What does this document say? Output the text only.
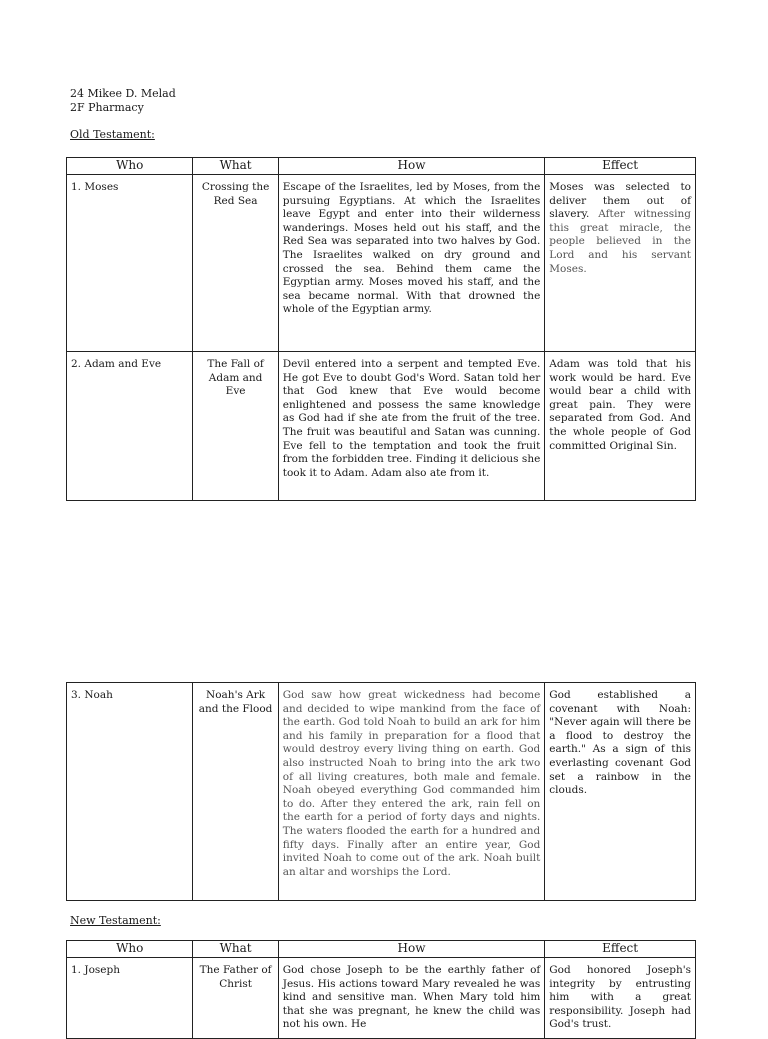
24 Mikee D. Melad
2F Pharmacy
Old Testament:
Who	What	How	Effect
1. Moses	Crossing the Red Sea	Escape of the Israelites, led by Moses, from the pursuing Egyptians. At which the Israelites leave Egypt and enter into their wilderness wanderings. Moses held out his staff, and the Red Sea was separated into two halves by God. The Israelites walked on dry ground and crossed the sea. Behind them came the Egyptian army. Moses moved his staff, and the sea became normal. With that drowned the whole of the Egyptian army.	Moses was selected to deliver them out of slavery. After witnessing this great miracle, the people believed in the Lord and his servant Moses.
2. Adam and Eve	The Fall of Adam and Eve	Devil entered into a serpent and tempted Eve. He got Eve to doubt God's Word. Satan told her that God knew that Eve would become enlightened and possess the same knowledge as God had if she ate from the fruit of the tree. The fruit was beautiful and Satan was cunning. Eve fell to the temptation and took the fruit from the forbidden tree. Finding it delicious she took it to Adam. Adam also ate from it.	Adam was told that his work would be hard. Eve would bear a child with great pain. They were separated from God. And the whole people of God committed Original Sin.
3. Noah	Noah's Ark and the Flood	God saw how great wickedness had become and decided to wipe mankind from the face of the earth. God told Noah to build an ark for him and his family in preparation for a flood that would destroy every living thing on earth. God also instructed Noah to bring into the ark two of all living creatures, both male and female. Noah obeyed everything God commanded him to do. After they entered the ark, rain fell on the earth for a period of forty days and nights. The waters flooded the earth for a hundred and fifty days. Finally after an entire year, God invited Noah to come out of the ark. Noah built an altar and worships the Lord.	God established a covenant with Noah: "Never again will there be a flood to destroy the earth." As a sign of this everlasting covenant God set a rainbow in the clouds.
New Testament:
Who	What	How	Effect
1. Joseph	The Father of Christ	God chose Joseph to be the earthly father of Jesus. His actions toward Mary revealed he was kind and sensitive man. When Mary told him that she was pregnant, he knew the child was not his own. He	God honored Joseph's integrity by entrusting him with a great responsibility. Joseph had God's trust.
